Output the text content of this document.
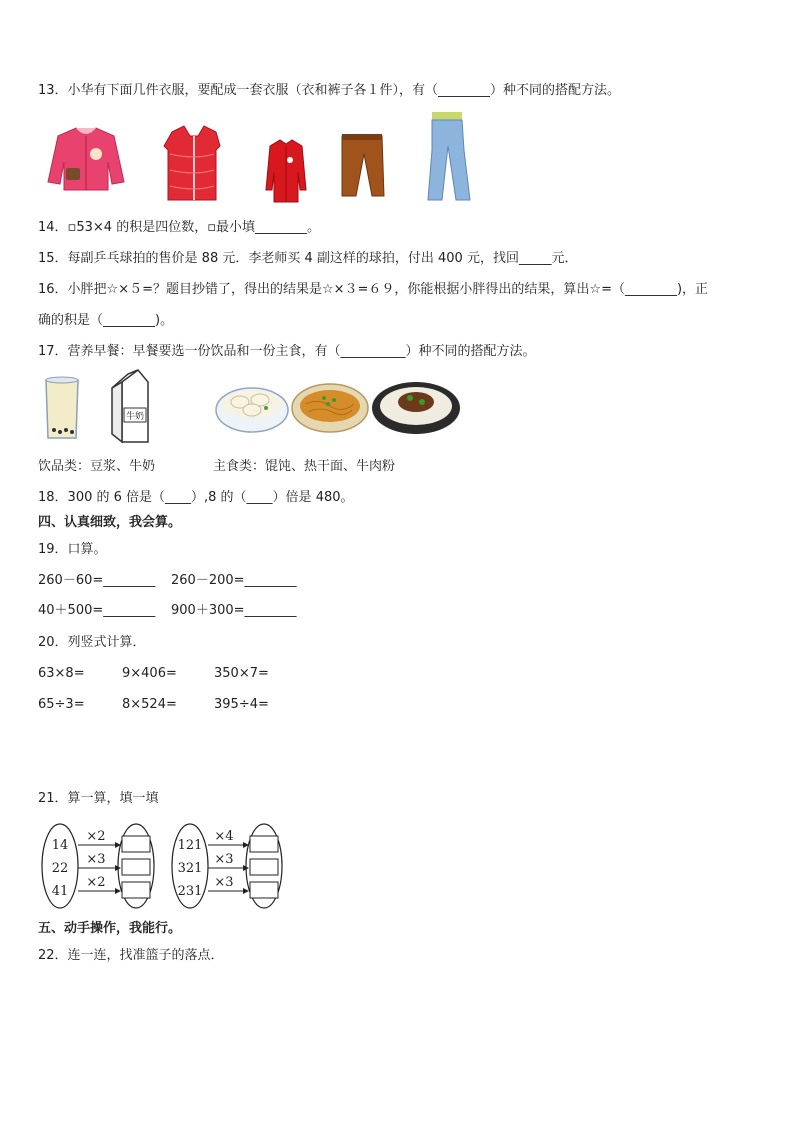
13．小华有下面几件衣服，要配成一套衣服（衣和裤子各１件），有（________）种不同的搭配方法。
14．▫53×4 的积是四位数，▫最小填________。
15．每副乒乓球拍的售价是 88 元．李老师买 4 副这样的球拍，付出 400 元，找回_____元．
16．小胖把☆×５=？题目抄错了，得出的结果是☆×３=６９，你能根据小胖得出的结果，算出☆=（________)，正
确的积是（________)。
17．营养早餐：早餐要选一份饮品和一份主食，有（__________）种不同的搭配方法。
牛奶
饮品类：豆浆、牛奶	主食类：馄饨、热干面、牛肉粉
18．300 的 6 倍是（____）,8 的（____）倍是 480。
四、认真细致，我会算。
19．口算。
260－60=________ 260－200=________
40＋500=________ 900＋300=________
20．列竖式计算．
63×8=	9×406=	350×7=
65÷3=	8×524=	395÷4=
21．算一算，填一填
14
22
41
×2
×3
×2
121
321
231
×4
×3
×3
五、动手操作，我能行。
22．连一连，找准篮子的落点．
